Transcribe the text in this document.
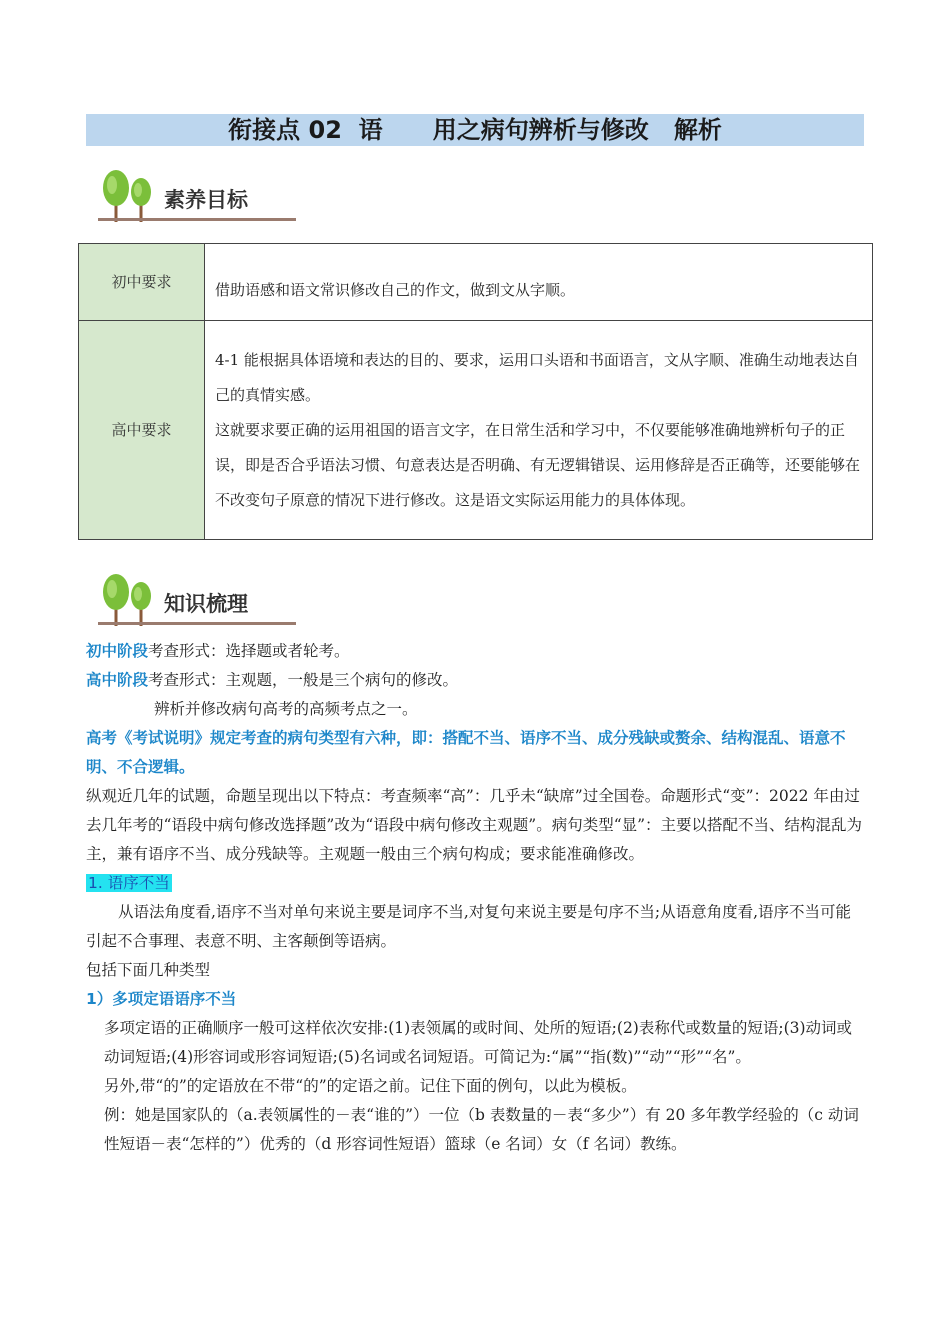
衔接点 02  语      用之病句辨析与修改   解析
素养目标
初中要求	借助语感和语文常识修改自己的作文，做到文从字顺。

高中要求	4-1 能根据具体语境和表达的目的、要求，运用口头语和书面语言，文从字顺、准确生动地表达自己的真情实感。
这就要求要正确的运用祖国的语言文字，在日常生活和学习中，不仅要能够准确地辨析句子的正误，即是否合乎语法习惯、句意表达是否明确、有无逻辑错误、运用修辞是否正确等，还要能够在不改变句子原意的情况下进行修改。这是语文实际运用能力的具体体现。
知识梳理
初中阶段考查形式：选择题或者轮考。
高中阶段考查形式：主观题，一般是三个病句的修改。
辨析并修改病句高考的高频考点之一。
高考《考试说明》规定考查的病句类型有六种，即：搭配不当、语序不当、成分残缺或赘余、结构混乱、语意不明、不合逻辑。
纵观近几年的试题，命题呈现出以下特点：考查频率“高”：几乎未“缺席”过全国卷。命题形式“变”：2022 年由过去几年考的“语段中病句修改选择题”改为“语段中病句修改主观题”。病句类型“显”：主要以搭配不当、结构混乱为主，兼有语序不当、成分残缺等。主观题一般由三个病句构成；要求能准确修改。
1. 语序不当
从语法角度看,语序不当对单句来说主要是词序不当,对复句来说主要是句序不当;从语意角度看,语序不当可能引起不合事理、表意不明、主客颠倒等语病。
包括下面几种类型
1）多项定语语序不当
多项定语的正确顺序一般可这样依次安排:(1)表领属的或时间、处所的短语;(2)表称代或数量的短语;(3)动词或动词短语;(4)形容词或形容词短语;(5)名词或名词短语。可简记为:“属”“指(数)”“动”“形”“名”。
另外,带“的”的定语放在不带“的”的定语之前。记住下面的例句，以此为模板。
例：她是国家队的（a.表领属性的－表“谁的”）一位（b 表数量的－表“多少”）有 20 多年教学经验的（c 动词性短语－表“怎样的”）优秀的（d 形容词性短语）篮球（e 名词）女（f 名词）教练。
